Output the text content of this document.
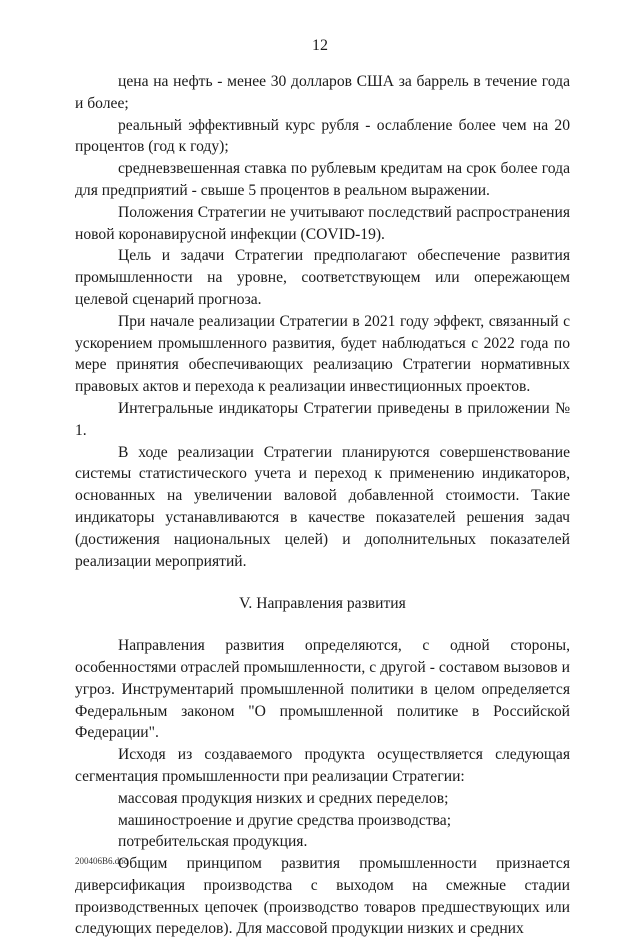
12

цена на нефть - менее 30 долларов США за баррель в течение года и более;

реальный эффективный курс рубля - ослабление более чем на 20 процентов (год к году);

средневзвешенная ставка по рублевым кредитам на срок более года для предприятий - свыше 5 процентов в реальном выражении.

Положения Стратегии не учитывают последствий распространения новой коронавирусной инфекции (COVID-19).

Цель и задачи Стратегии предполагают обеспечение развития промышленности на уровне, соответствующем или опережающем целевой сценарий прогноза.

При начале реализации Стратегии в 2021 году эффект, связанный с ускорением промышленного развития, будет наблюдаться с 2022 года по мере принятия обеспечивающих реализацию Стратегии нормативных правовых актов и перехода к реализации инвестиционных проектов.

Интегральные индикаторы Стратегии приведены в приложении № 1.

В ходе реализации Стратегии планируются совершенствование системы статистического учета и переход к применению индикаторов, основанных на увеличении валовой добавленной стоимости. Такие индикаторы устанавливаются в качестве показателей решения задач (достижения национальных целей) и дополнительных показателей реализации мероприятий.

V. Направления развития

Направления развития определяются, с одной стороны, особенностями отраслей промышленности, с другой - составом вызовов и угроз. Инструментарий промышленной политики в целом определяется Федеральным законом "О промышленной политике в Российской Федерации".

Исходя из создаваемого продукта осуществляется следующая сегментация промышленности при реализации Стратегии:

массовая продукция низких и средних переделов;

машиностроение и другие средства производства;

потребительская продукция.

Общим принципом развития промышленности признается диверсификация производства с выходом на смежные стадии производственных цепочек (производство товаров предшествующих или следующих переделов). Для массовой продукции низких и средних

200406В6.doc
